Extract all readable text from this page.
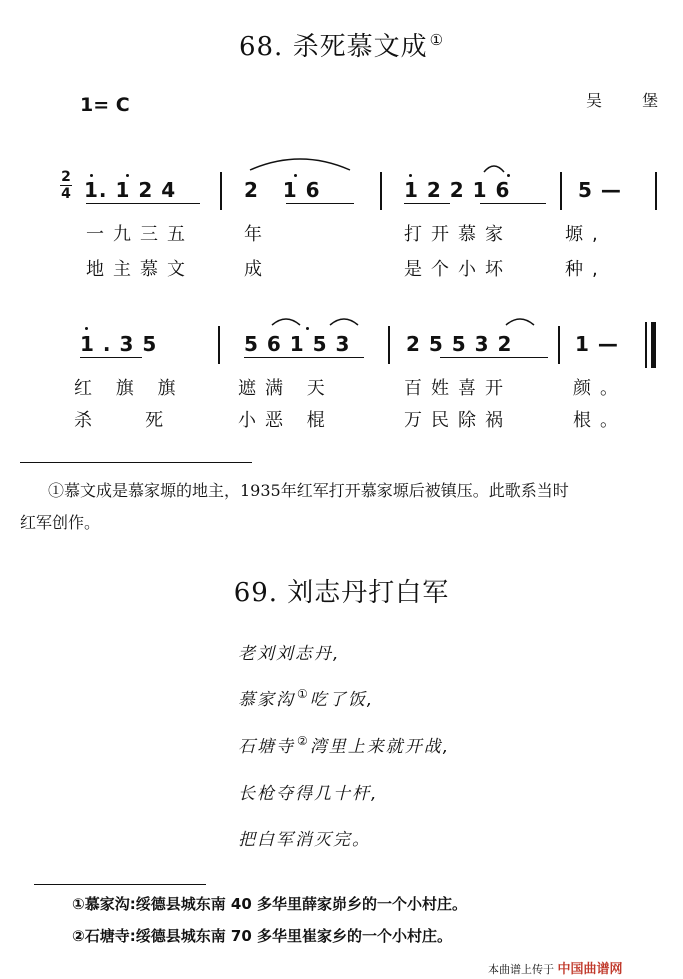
68. 杀死慕文成 ①
1= C	吴  堡
2
4 1. 1 2 4	2   1 6	1 2 2 1 6	5 —
一九三五	年	打开慕家	塬,
地主慕文	成	是个小坏	种,
1 . 3 5	5 6 1 5 3	2 5 5 3 2	1 —
红 旗 旗	遮满 天	百姓喜开	颜。
杀   死	小恶 棍	万民除祸	根。
①慕文成是慕家塬的地主，1935年红军打开慕家塬后被镇压。此歌系当时
红军创作。
69. 刘志丹打白军
老刘刘志丹,
慕家沟 ①吃了饭,
石塘寺 ②湾里上来就开战,
长枪夺得几十杆,
把白军消灭完。
①慕家沟:绥德县城东南 40 多华里薛家峁乡的一个小村庄。
②石塘寺:绥德县城东南 70 多华里崔家乡的一个小村庄。
本曲谱上传于 中国曲谱网
